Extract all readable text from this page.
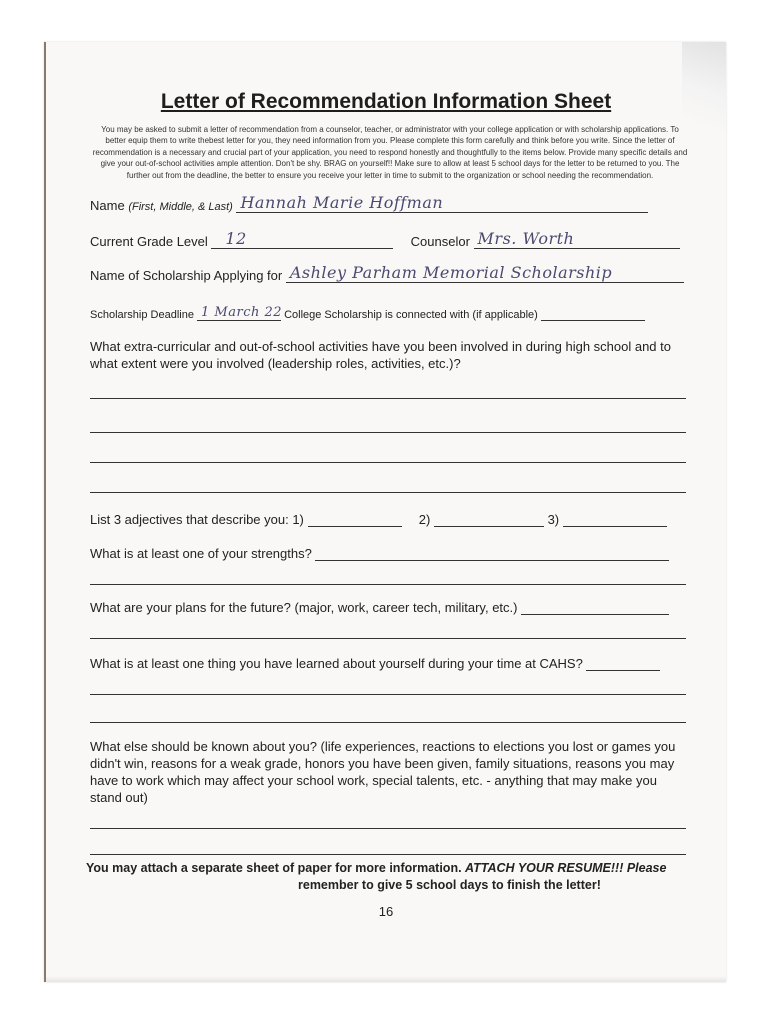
Letter of Recommendation Information Sheet
You may be asked to submit a letter of recommendation from a counselor, teacher, or administrator with your college application or with scholarship applications. To better equip them to write thebest letter for you, they need information from you. Please complete this form carefully and think before you write. Since the letter of recommendation is a necessary and crucial part of your application, you need to respond honestly and thoughtfully to the items below. Provide many specific details and give your out-of-school activities ample attention. Don't be shy. BRAG on yourself!! Make sure to allow at least 5 school days for the letter to be returned to you. The further out from the deadline, the better to ensure you receive your letter in time to submit to the organization or school needing the recommendation.
Name (First, Middle, & Last) Hannah Marie Hoffman
Current Grade Level 12	Counselor Mrs. Worth
Name of Scholarship Applying for Ashley Parham Memorial Scholarship
Scholarship Deadline 1 March 22 College Scholarship is connected with (if applicable)
What extra-curricular and out-of-school activities have you been involved in during high school and to what extent were you involved (leadership roles, activities, etc.)?
List 3 adjectives that describe you: 1)	2)	3)
What is at least one of your strengths?
What are your plans for the future? (major, work, career tech, military, etc.)
What is at least one thing you have learned about yourself during your time at CAHS?
What else should be known about you? (life experiences, reactions to elections you lost or games you didn't win, reasons for a weak grade, honors you have been given, family situations, reasons you may have to work which may affect your school work, special talents, etc. - anything that may make you stand out)
You may attach a separate sheet of paper for more information. ATTACH YOUR RESUME!!! Please
remember to give 5 school days to finish the letter!
16
